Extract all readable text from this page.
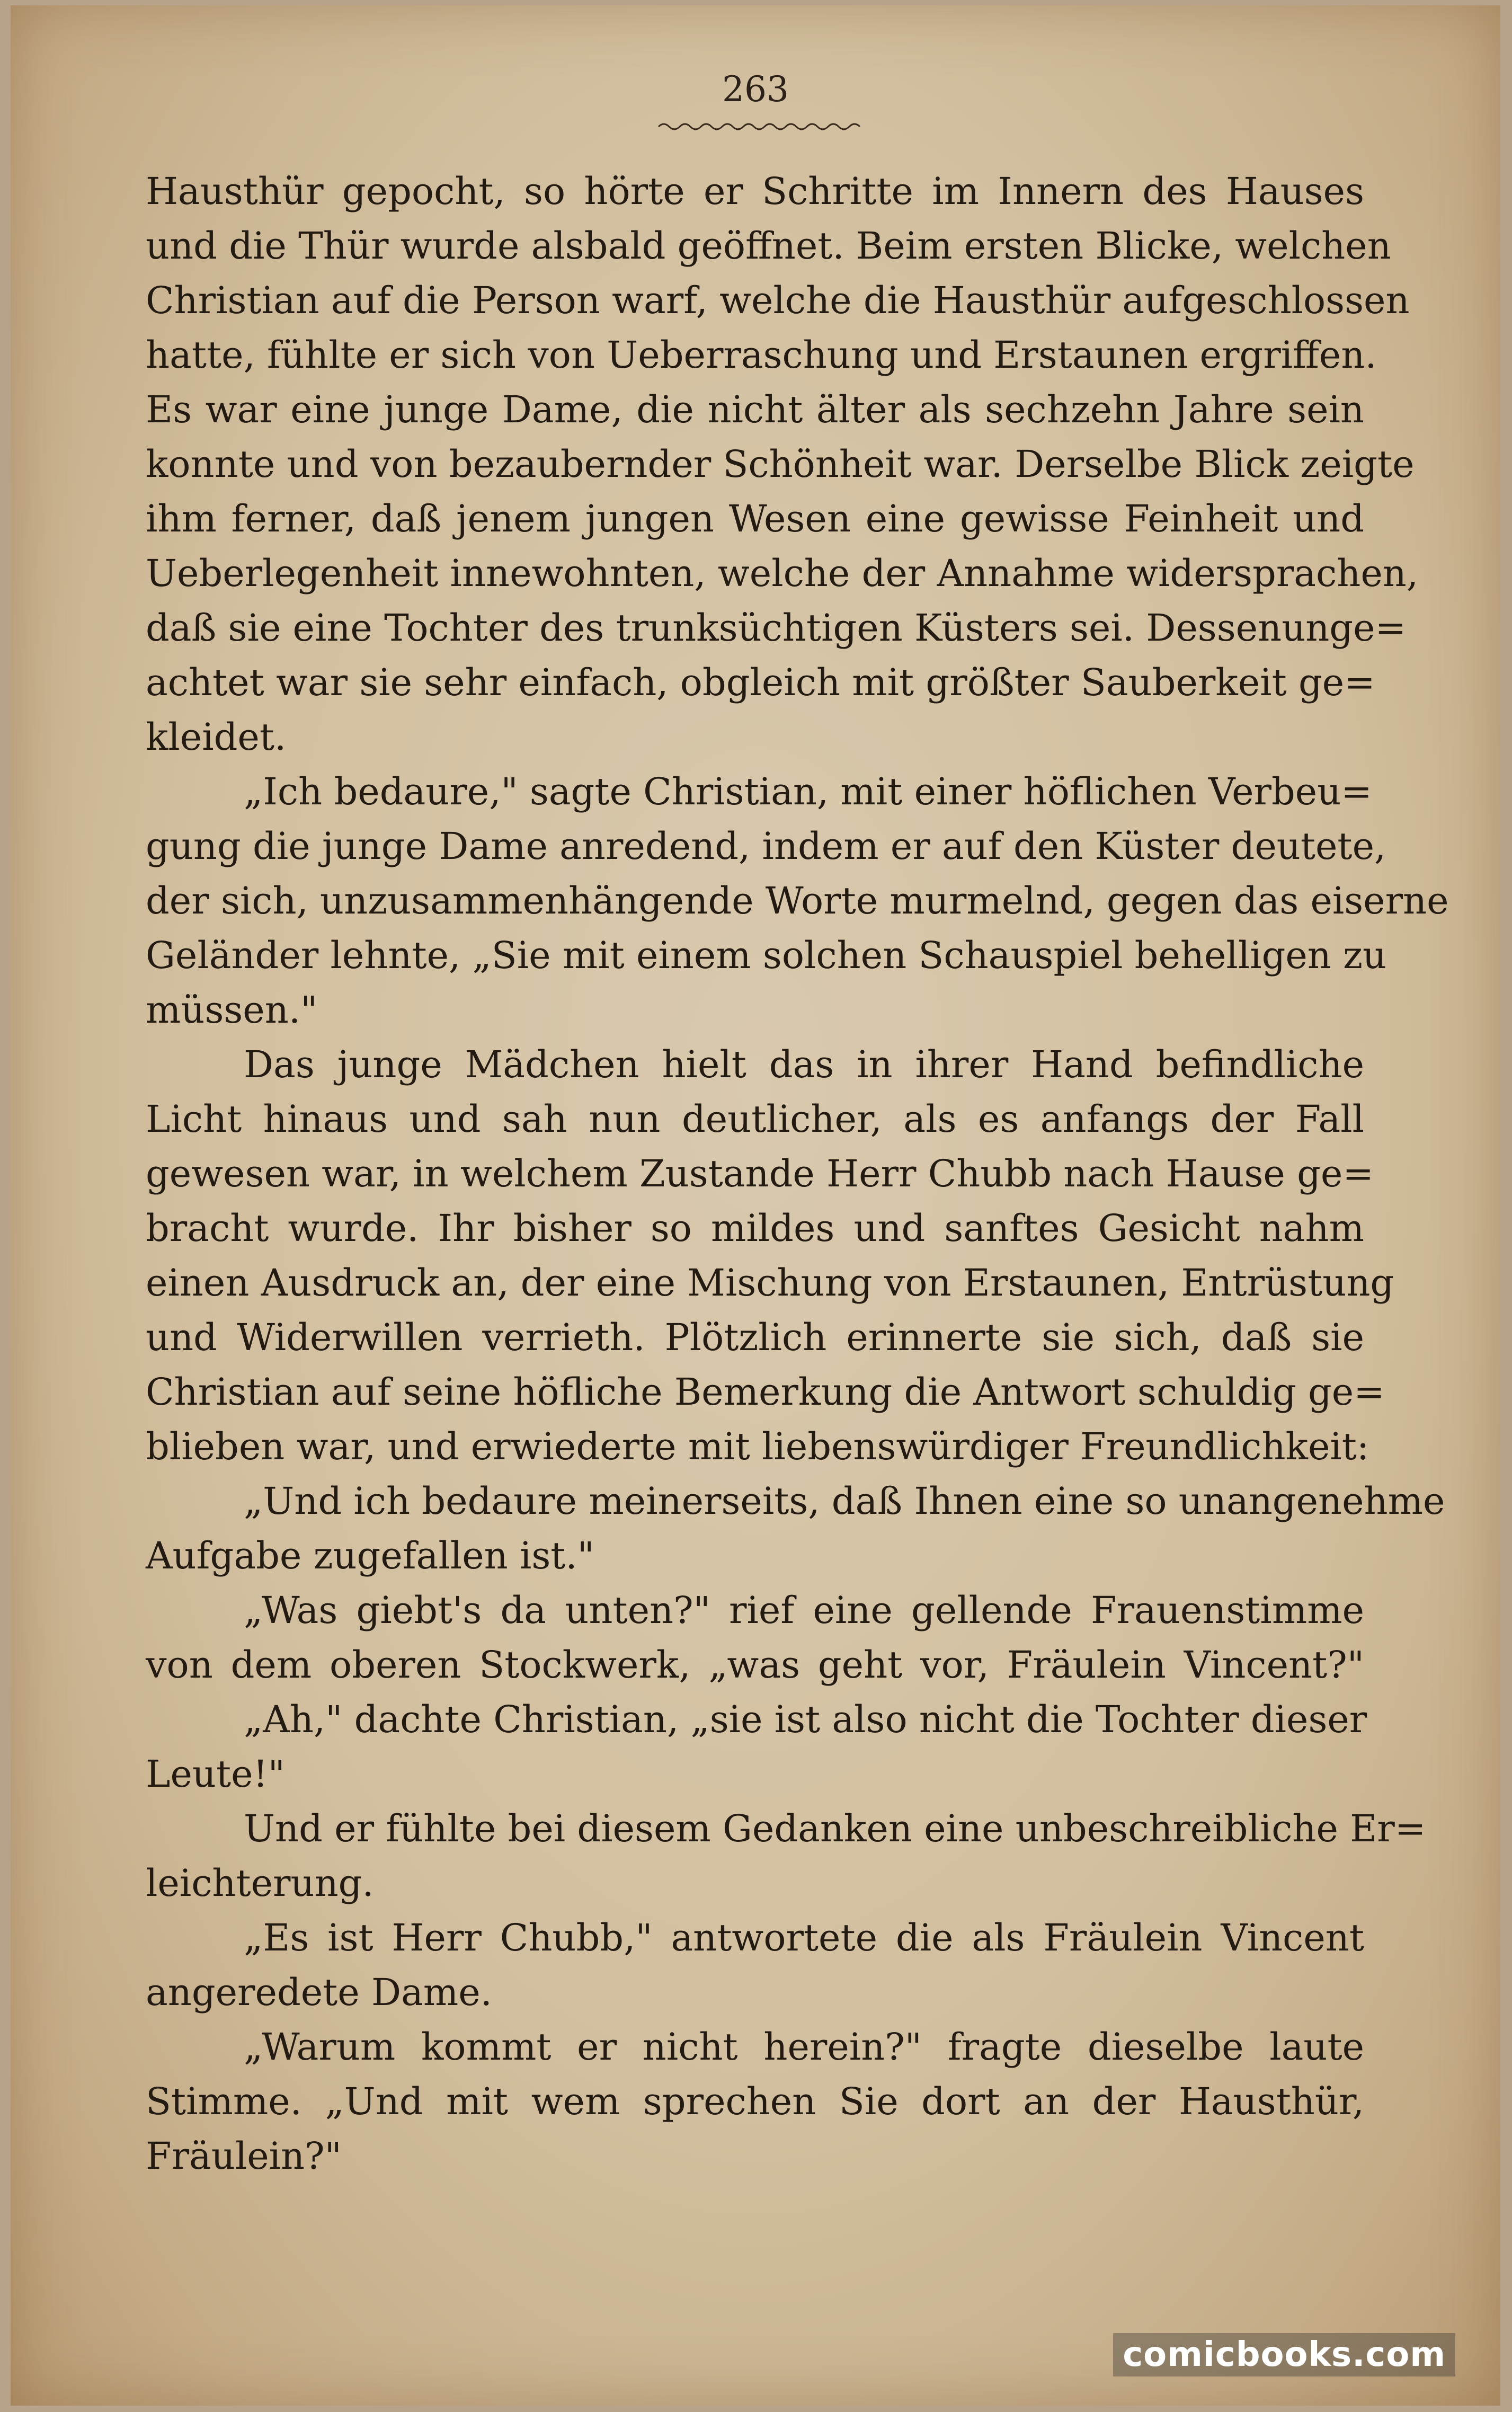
263
Hausthür gepocht, so hörte er Schritte im Innern des Hauses
und die Thür wurde alsbald geöffnet. Beim ersten Blicke, welchen
Christian auf die Person warf, welche die Hausthür aufgeschlossen
hatte, fühlte er sich von Ueberraschung und Erstaunen ergriffen.
Es war eine junge Dame, die nicht älter als sechzehn Jahre sein
konnte und von bezaubernder Schönheit war. Derselbe Blick zeigte
ihm ferner, daß jenem jungen Wesen eine gewisse Feinheit und
Ueberlegenheit innewohnten, welche der Annahme widersprachen,
daß sie eine Tochter des trunksüchtigen Küsters sei. Dessenunge=
achtet war sie sehr einfach, obgleich mit größter Sauberkeit ge=
kleidet.
„Ich bedaure," sagte Christian, mit einer höflichen Verbeu=
gung die junge Dame anredend, indem er auf den Küster deutete,
der sich, unzusammenhängende Worte murmelnd, gegen das eiserne
Geländer lehnte, „Sie mit einem solchen Schauspiel behelligen zu
müssen."
Das junge Mädchen hielt das in ihrer Hand befindliche
Licht hinaus und sah nun deutlicher, als es anfangs der Fall
gewesen war, in welchem Zustande Herr Chubb nach Hause ge=
bracht wurde. Ihr bisher so mildes und sanftes Gesicht nahm
einen Ausdruck an, der eine Mischung von Erstaunen, Entrüstung
und Widerwillen verrieth. Plötzlich erinnerte sie sich, daß sie
Christian auf seine höfliche Bemerkung die Antwort schuldig ge=
blieben war, und erwiederte mit liebenswürdiger Freundlichkeit:
„Und ich bedaure meinerseits, daß Ihnen eine so unangenehme
Aufgabe zugefallen ist."
„Was giebt's da unten?" rief eine gellende Frauenstimme
von dem oberen Stockwerk, „was geht vor, Fräulein Vincent?"
„Ah," dachte Christian, „sie ist also nicht die Tochter dieser
Leute!"
Und er fühlte bei diesem Gedanken eine unbeschreibliche Er=
leichterung.
„Es ist Herr Chubb," antwortete die als Fräulein Vincent
angeredete Dame.
„Warum kommt er nicht herein?" fragte dieselbe laute
Stimme. „Und mit wem sprechen Sie dort an der Hausthür,
Fräulein?"
comicbooks.com
